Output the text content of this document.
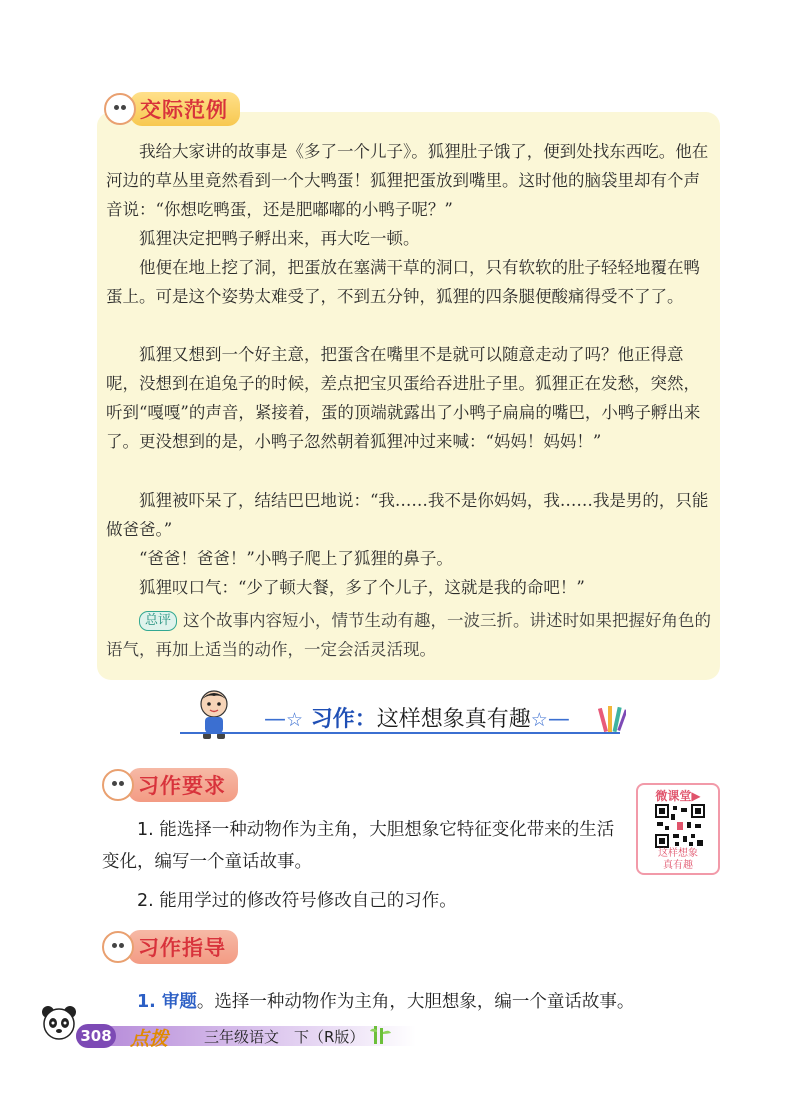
交际范例

我给大家讲的故事是《多了一个儿子》。狐狸肚子饿了，便到处找东西吃。他在河边的草丛里竟然看到一个大鸭蛋！狐狸把蛋放到嘴里。这时他的脑袋里却有个声音说：“你想吃鸭蛋，还是肥嘟嘟的小鸭子呢？”

狐狸决定把鸭子孵出来，再大吃一顿。

他便在地上挖了洞，把蛋放在塞满干草的洞口，只有软软的肚子轻轻地覆在鸭蛋上。可是这个姿势太难受了，不到五分钟，狐狸的四条腿便酸痛得受不了了。

狐狸又想到一个好主意，把蛋含在嘴里不是就可以随意走动了吗？他正得意呢，没想到在追兔子的时候，差点把宝贝蛋给吞进肚子里。狐狸正在发愁，突然，听到“嘎嘎”的声音，紧接着，蛋的顶端就露出了小鸭子扁扁的嘴巴，小鸭子孵出来了。更没想到的是，小鸭子忽然朝着狐狸冲过来喊：“妈妈！妈妈！”

狐狸被吓呆了，结结巴巴地说：“我……我不是你妈妈，我……我是男的，只能做爸爸。”

“爸爸！爸爸！”小鸭子爬上了狐狸的鼻子。

狐狸叹口气：“少了顿大餐，多了个儿子，这就是我的命吧！”

总评 这个故事内容短小，情节生动有趣，一波三折。讲述时如果把握好角色的语气，再加上适当的动作，一定会活灵活现。

—☆ 习作：这样想象真有趣☆—
微课堂▶
这样想象
真有趣
习作要求

1. 能选择一种动物作为主角，大胆想象它特征变化带来的生活变化，编写一个童话故事。

2. 能用学过的修改符号修改自己的习作。

习作指导

1. 审题。选择一种动物作为主角，大胆想象，编一个童话故事。

308 点拨 三年级语文　下（R版）
